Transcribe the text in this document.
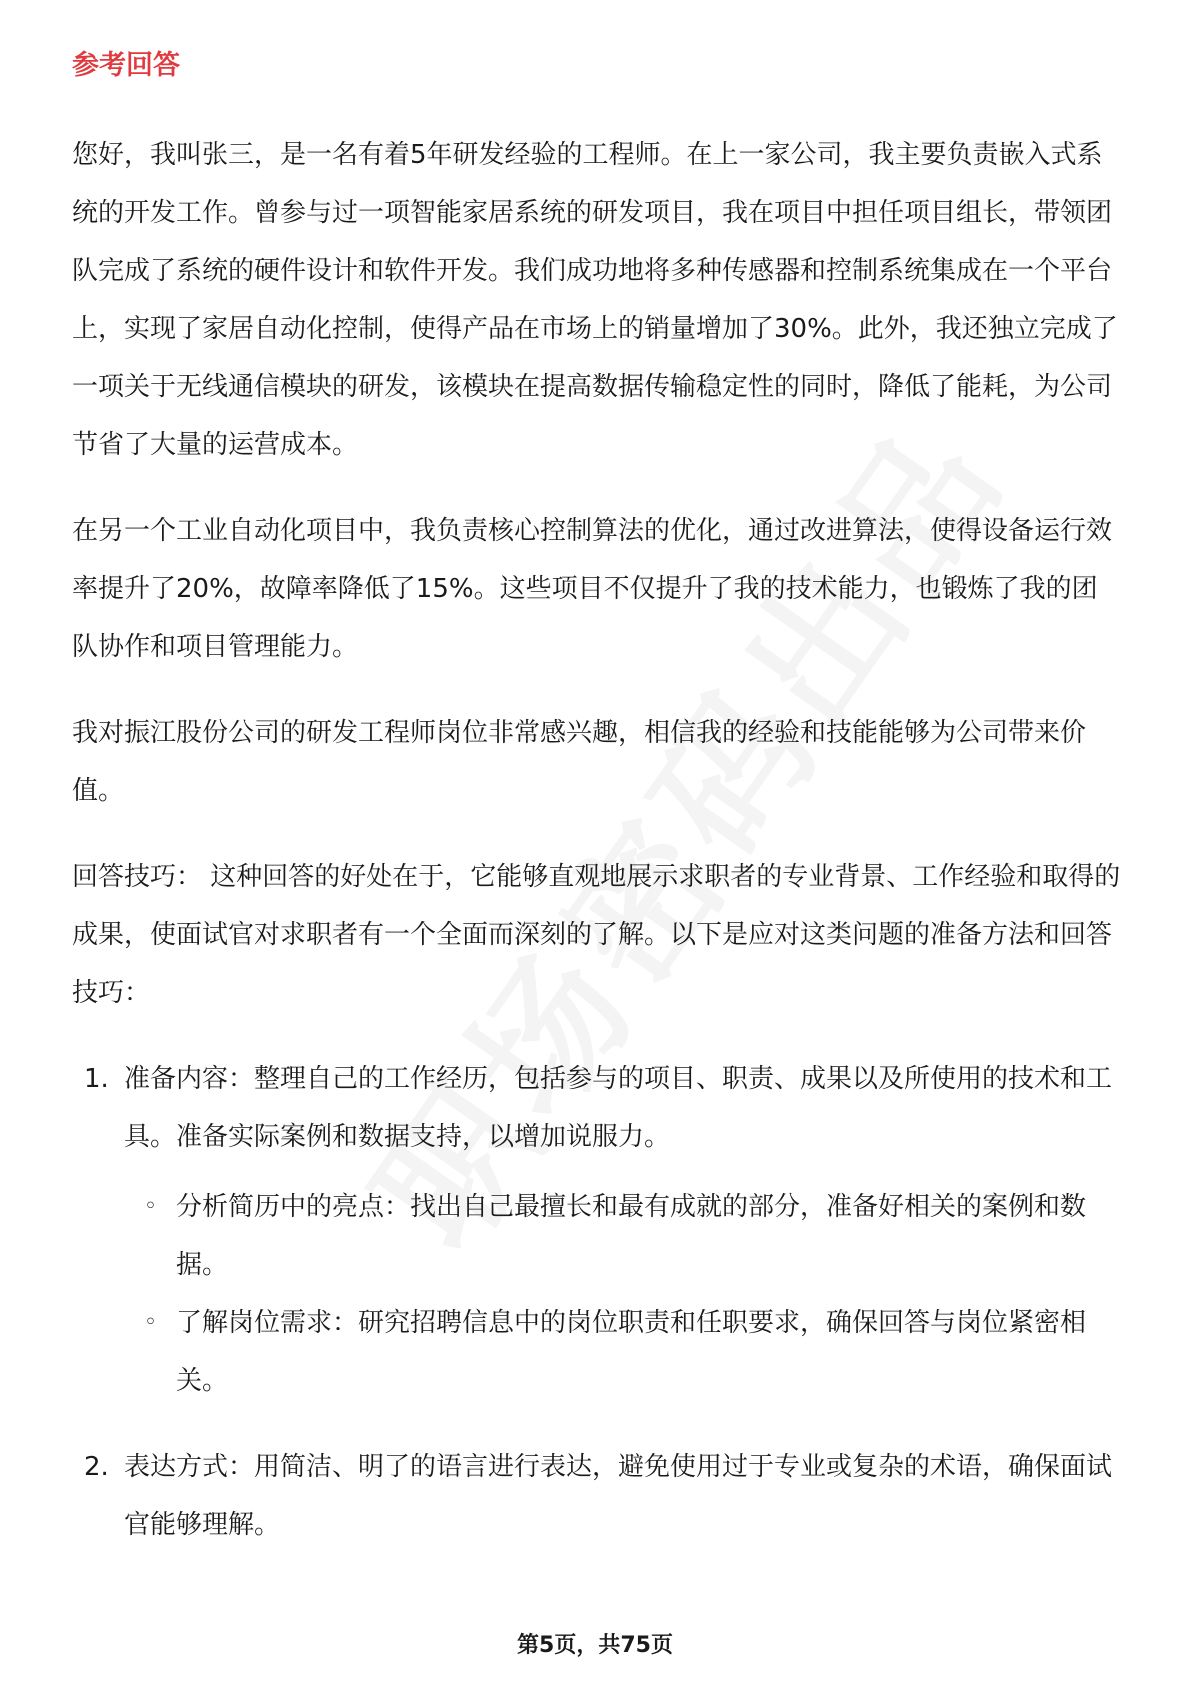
参考回答

您好，我叫张三，是一名有着5年研发经验的工程师。在上一家公司，我主要负责嵌入式系统的开发工作。曾参与过一项智能家居系统的研发项目，我在项目中担任项目组长，带领团队完成了系统的硬件设计和软件开发。我们成功地将多种传感器和控制系统集成在一个平台上，实现了家居自动化控制，使得产品在市场上的销量增加了30%。此外，我还独立完成了一项关于无线通信模块的研发，该模块在提高数据传输稳定性的同时，降低了能耗，为公司节省了大量的运营成本。

在另一个工业自动化项目中，我负责核心控制算法的优化，通过改进算法，使得设备运行效率提升了20%，故障率降低了15%。这些项目不仅提升了我的技术能力，也锻炼了我的团队协作和项目管理能力。

我对振江股份公司的研发工程师岗位非常感兴趣，相信我的经验和技能能够为公司带来价值。

回答技巧： 这种回答的好处在于，它能够直观地展示求职者的专业背景、工作经验和取得的成果，使面试官对求职者有一个全面而深刻的了解。以下是应对这类问题的准备方法和回答技巧：

1. 准备内容：整理自己的工作经历，包括参与的项目、职责、成果以及所使用的技术和工具。准备实际案例和数据支持，以增加说服力。
◦ 分析简历中的亮点：找出自己最擅长和最有成就的部分，准备好相关的案例和数据。
◦ 了解岗位需求：研究招聘信息中的岗位职责和任职要求，确保回答与岗位紧密相关。
2. 表达方式：用简洁、明了的语言进行表达，避免使用过于专业或复杂的术语，确保面试官能够理解。
第5页，共75页
